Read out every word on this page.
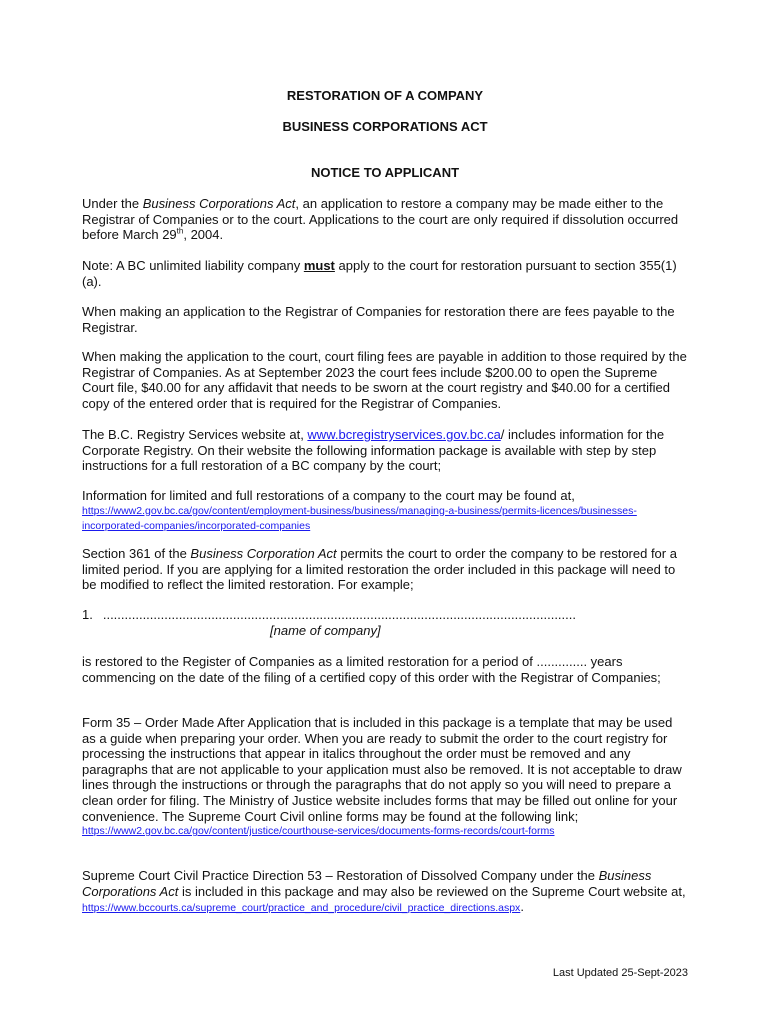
RESTORATION OF A COMPANY
BUSINESS CORPORATIONS ACT
NOTICE TO APPLICANT
Under the Business Corporations Act, an application to restore a company may be made either to the Registrar of Companies or to the court. Applications to the court are only required if dissolution occurred before March 29th, 2004.
Note: A BC unlimited liability company must apply to the court for restoration pursuant to section 355(1)(a).
When making an application to the Registrar of Companies for restoration there are fees payable to the Registrar.
When making the application to the court, court filing fees are payable in addition to those required by the Registrar of Companies. As at September 2023 the court fees include $200.00 to open the Supreme Court file, $40.00 for any affidavit that needs to be sworn at the court registry and $40.00 for a certified copy of the entered order that is required for the Registrar of Companies.
The B.C. Registry Services website at, www.bcregistryservices.gov.bc.ca/ includes information for the Corporate Registry. On their website the following information package is available with step by step instructions for a full restoration of a BC company by the court;
Information for limited and full restorations of a company to the court may be found at,
https://www2.gov.bc.ca/gov/content/employment-business/business/managing-a-business/permits-licences/businesses-incorporated-companies/incorporated-companies
Section 361 of the Business Corporation Act permits the court to order the company to be restored for a limited period. If you are applying for a limited restoration the order included in this package will need to be modified to reflect the limited restoration. For example;
1. ...................................................................................................................................
[name of company]
is restored to the Register of Companies as a limited restoration for a period of .............. years commencing on the date of the filing of a certified copy of this order with the Registrar of Companies;
Form 35 – Order Made After Application that is included in this package is a template that may be used as a guide when preparing your order. When you are ready to submit the order to the court registry for processing the instructions that appear in italics throughout the order must be removed and any paragraphs that are not applicable to your application must also be removed. It is not acceptable to draw lines through the instructions or through the paragraphs that do not apply so you will need to prepare a clean order for filing. The Ministry of Justice website includes forms that may be filled out online for your convenience. The Supreme Court Civil online forms may be found at the following link;
https://www2.gov.bc.ca/gov/content/justice/courthouse-services/documents-forms-records/court-forms
Supreme Court Civil Practice Direction 53 – Restoration of Dissolved Company under the Business Corporations Act is included in this package and may also be reviewed on the Supreme Court website at,
https://www.bccourts.ca/supreme_court/practice_and_procedure/civil_practice_directions.aspx.
Last Updated 25-Sept-2023
